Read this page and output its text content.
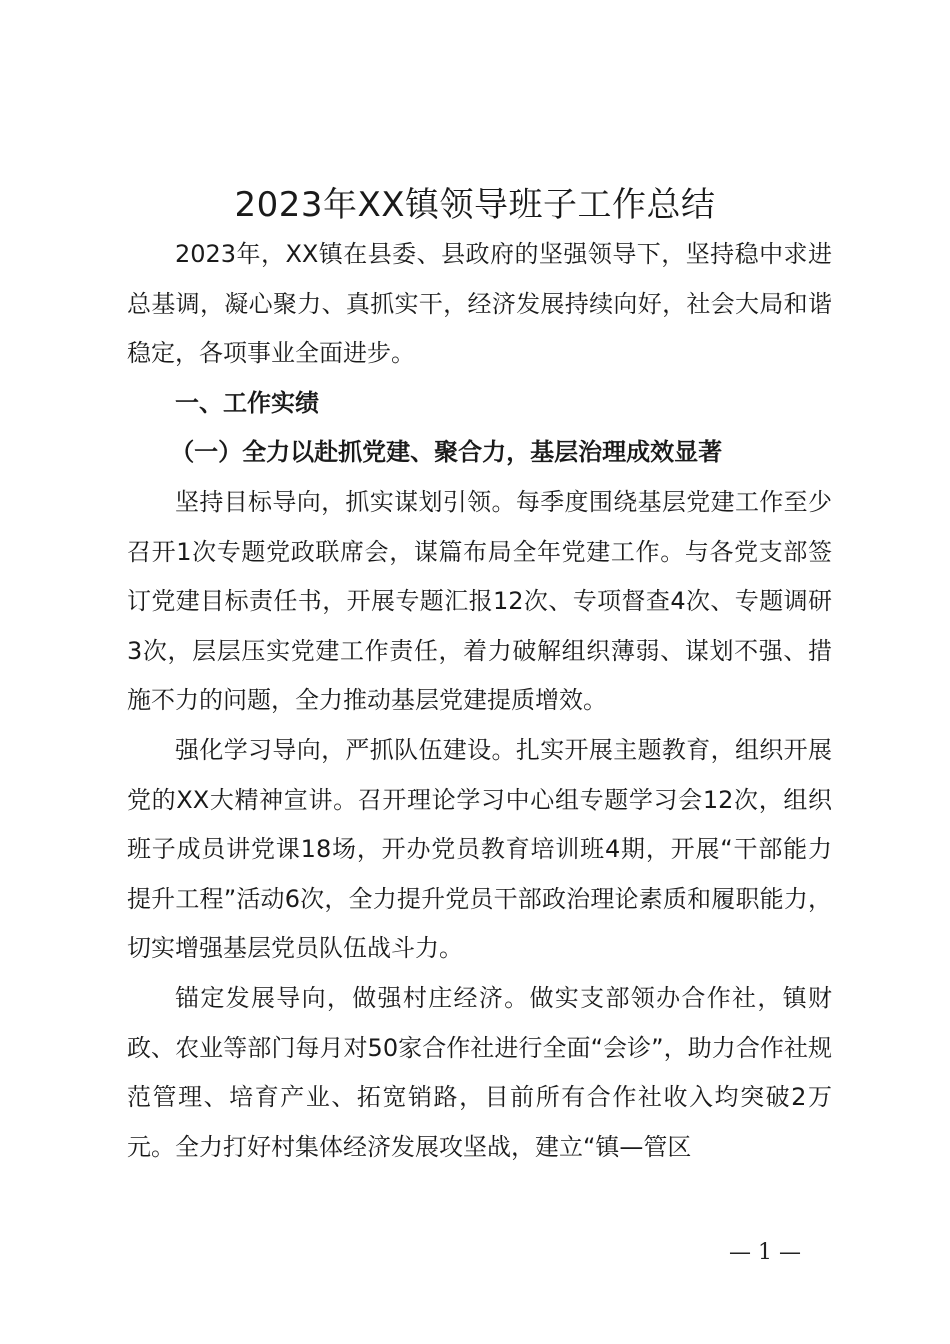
2023年XX镇领导班子工作总结

2023年，XX镇在县委、县政府的坚强领导下，坚持稳中求进总基调，凝心聚力、真抓实干，经济发展持续向好，社会大局和谐稳定，各项事业全面进步。

一、工作实绩
（一）全力以赴抓党建、聚合力，基层治理成效显著

坚持目标导向，抓实谋划引领。每季度围绕基层党建工作至少召开1次专题党政联席会，谋篇布局全年党建工作。与各党支部签订党建目标责任书，开展专题汇报12次、专项督查4次、专题调研3次，层层压实党建工作责任，着力破解组织薄弱、谋划不强、措施不力的问题，全力推动基层党建提质增效。

强化学习导向，严抓队伍建设。扎实开展主题教育，组织开展党的XX大精神宣讲。召开理论学习中心组专题学习会12次，组织班子成员讲党课18场，开办党员教育培训班4期，开展“干部能力提升工程”活动6次，全力提升党员干部政治理论素质和履职能力，切实增强基层党员队伍战斗力。

锚定发展导向，做强村庄经济。做实支部领办合作社，镇财政、农业等部门每月对50家合作社进行全面“会诊”，助力合作社规范管理、培育产业、拓宽销路，目前所有合作社收入均突破2万元。全力打好村集体经济发展攻坚战，建立“镇—管区

— 1 —
